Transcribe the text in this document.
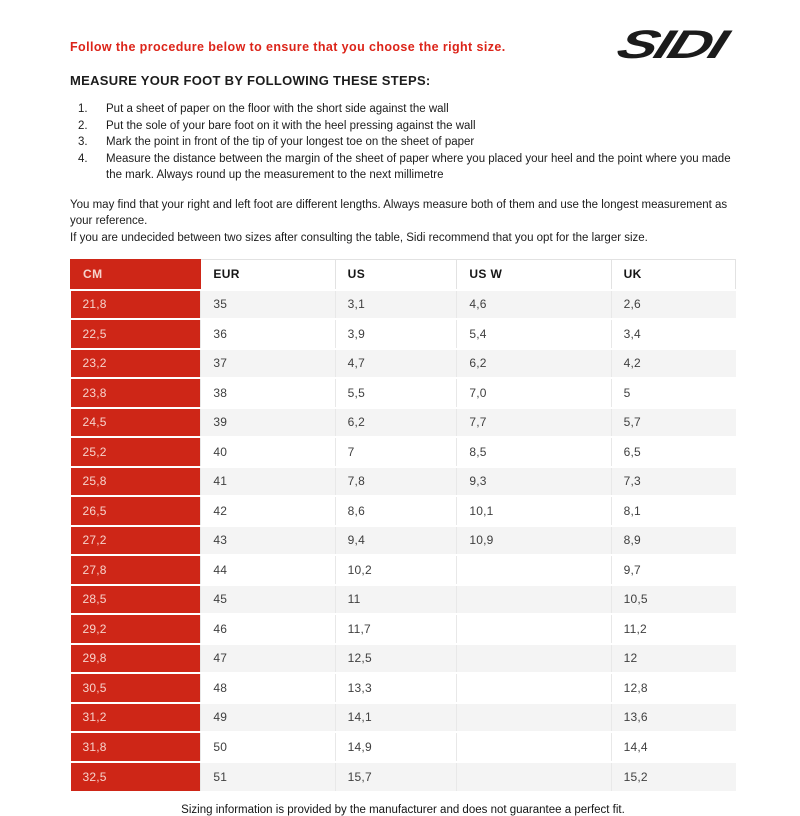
SIDI

Follow the procedure below to ensure that you choose the right size.

MEASURE YOUR FOOT BY FOLLOWING THESE STEPS:
Put a sheet of paper on the floor with the short side against the wall
Put the sole of your bare foot on it with the heel pressing against the wall
Mark the point in front of the tip of your longest toe on the sheet of paper
Measure the distance between the margin of the sheet of paper where you placed your heel and the point where you made the mark. Always round up the measurement to the next millimetre

You may find that your right and left foot are different lengths. Always measure both of them and use the longest measurement as your reference.

If you are undecided between two sizes after consulting the table, Sidi recommend that you opt for the larger size.

CM	EUR	US	US W	UK
21,8	35	3,1	4,6	2,6
22,5	36	3,9	5,4	3,4
23,2	37	4,7	6,2	4,2
23,8	38	5,5	7,0	5
24,5	39	6,2	7,7	5,7
25,2	40	7	8,5	6,5
25,8	41	7,8	9,3	7,3
26,5	42	8,6	10,1	8,1
27,2	43	9,4	10,9	8,9
27,8	44	10,2		9,7
28,5	45	11		10,5
29,2	46	11,7		11,2
29,8	47	12,5		12
30,5	48	13,3		12,8
31,2	49	14,1		13,6
31,8	50	14,9		14,4
32,5	51	15,7		15,2

Sizing information is provided by the manufacturer and does not guarantee a perfect fit.
